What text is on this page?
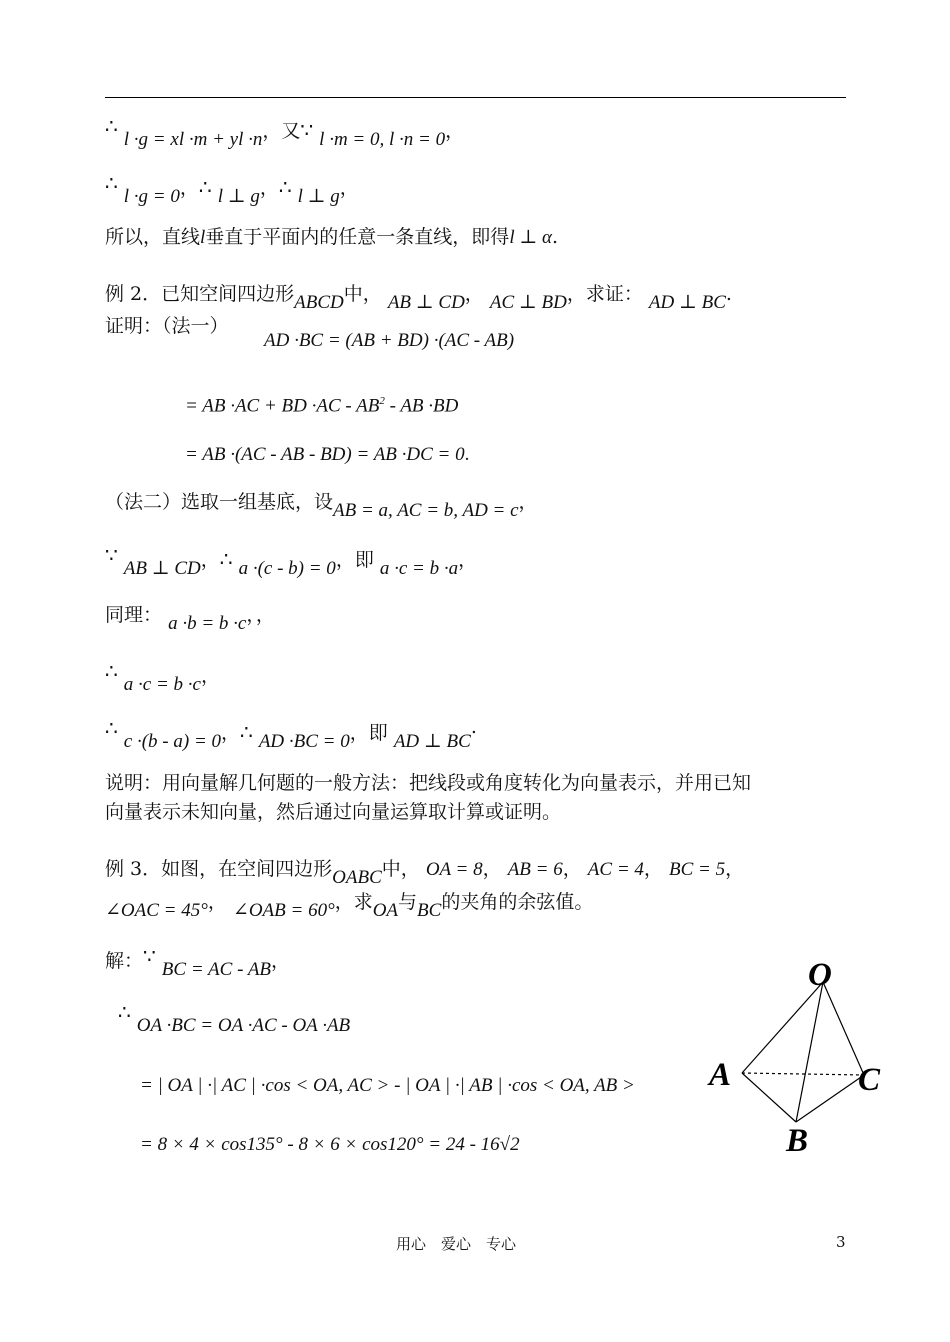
∴ l ·g = xl ·m + yl ·n，又∵ l ·m = 0, l ·n = 0，
∴ l ·g = 0，∴ l ⊥ g，∴ l ⊥ g，
所以，直线l垂直于平面内的任意一条直线，即得l ⊥ α.
例 2．已知空间四边形ABCD中， AB ⊥ CD， AC ⊥ BD，求证： AD ⊥ BC.
证明：（法一）
AD ·BC = (AB + BD) ·(AC - AB)
= AB ·AC + BD $\cdot AC - AB^2$ - AB ·BD
= AB ·(AC - AB - BD) = AB ·DC = 0.
（法二）选取一组基底，设AB = a, AC = b, AD = c，
∵ AB ⊥ CD，∴ a ·(c - b) = 0，即 a ·c = b ·a，
同理： a ·b = b ·c，，
∴ a ·c = b ·c，
∴ c ·(b - a) = 0，∴ AD ·BC = 0，即 AD ⊥ BC.
说明：用向量解几何题的一般方法：把线段或角度转化为向量表示，并用已知
向量表示未知向量，然后通过向量运算取计算或证明。
例 3．如图，在空间四边形OABC中， OA = 8， AB = 6， AC = 4， BC = 5，
∠OAC = 45°， ∠OAB = 60°，求OA与BC的夹角的余弦值。
解：∵ BC = AC - AB，
∴ OA ·BC = OA ·AC - OA ·AB
= | OA | ·| AC | ·cos < OA, AC > - | OA | ·| AB | ·cos < OA, AB >
= 8 × 4 × cos135° - 8 × 6 × cos120° = 24 - 16√2
O
A	C
B
用心　爱心　专心	3
